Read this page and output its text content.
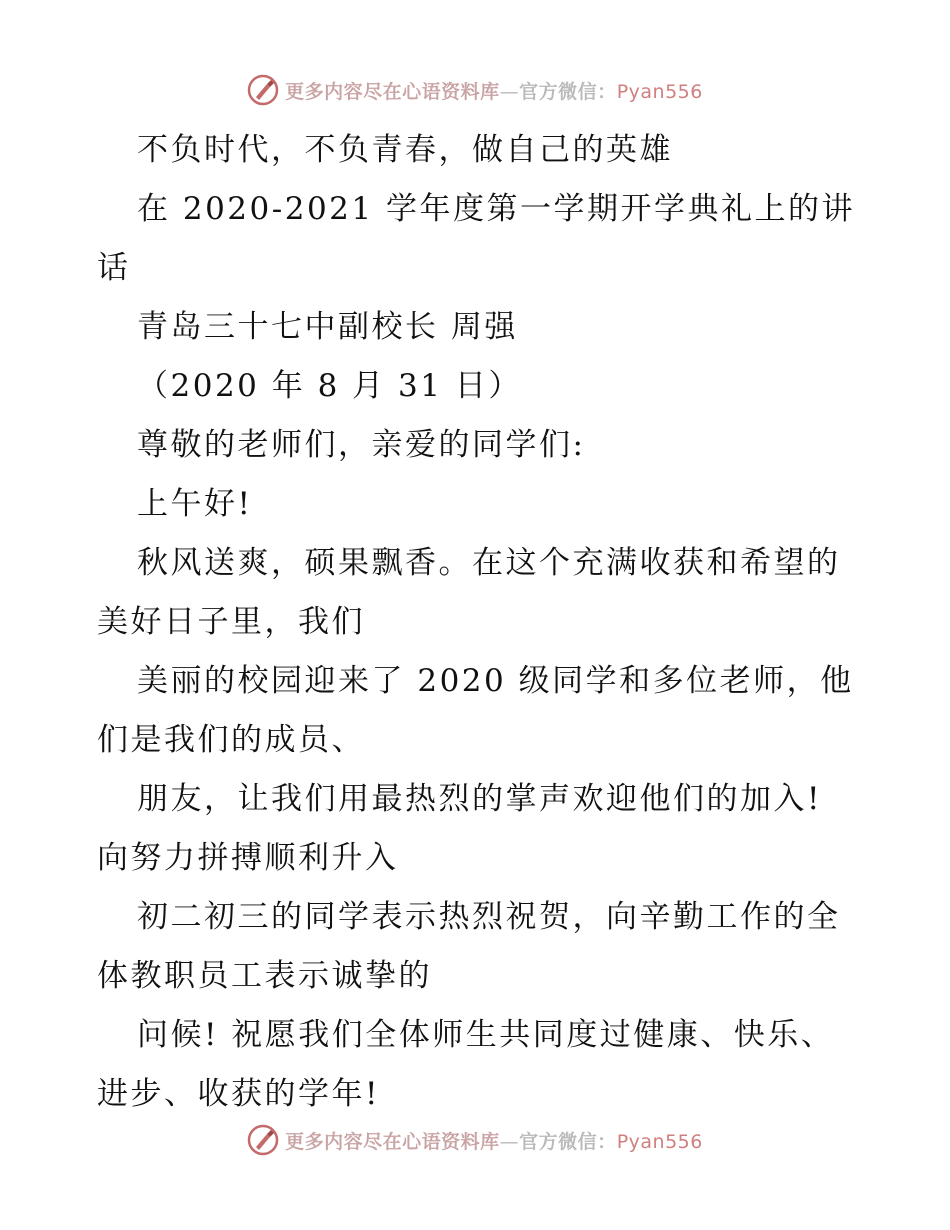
更多内容尽在心语资料库—官方微信：Pyan556

不负时代，不负青春，做自己的英雄

在 2020-2021 学年度第一学期开学典礼上的讲

话

青岛三十七中副校长 周强

（2020 年 8 月 31 日）

尊敬的老师们，亲爱的同学们:

上午好!

秋风送爽，硕果飘香。在这个充满收获和希望的

美好日子里，我们

美丽的校园迎来了 2020 级同学和多位老师，他

们是我们的成员、

朋友，让我们用最热烈的掌声欢迎他们的加入!

向努力拼搏顺利升入

初二初三的同学表示热烈祝贺，向辛勤工作的全

体教职员工表示诚挚的

问候! 祝愿我们全体师生共同度过健康、快乐、

进步、收获的学年!

更多内容尽在心语资料库—官方微信：Pyan556
